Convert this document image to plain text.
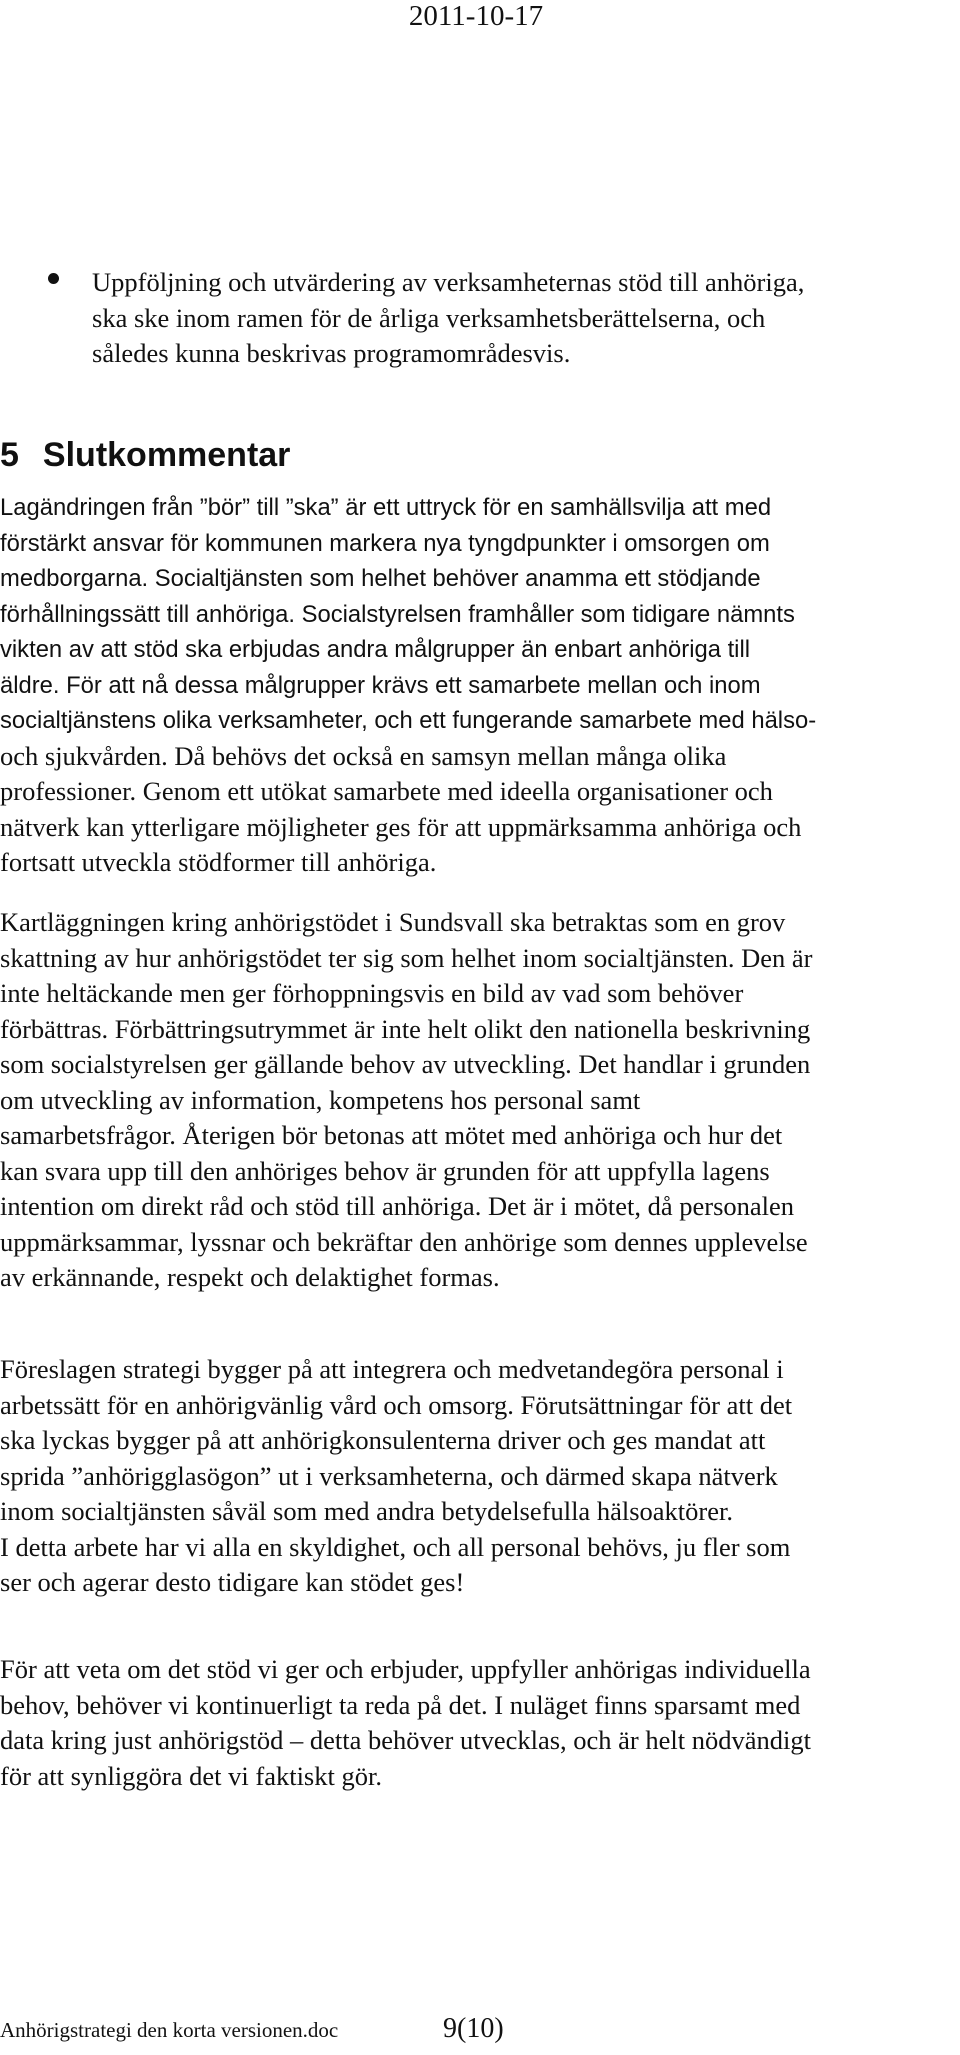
2011-10-17
Uppföljning och utvärdering av verksamheternas stöd till anhöriga,
ska ske inom ramen för de årliga verksamhetsberättelserna, och
således kunna beskrivas programområdesvis.
5 Slutkommentar

Lagändringen från ”bör” till ”ska” är ett uttryck för en samhällsvilja att med
förstärkt ansvar för kommunen markera nya tyngdpunkter i omsorgen om
medborgarna. Socialtjänsten som helhet behöver anamma ett stödjande
förhållningssätt till anhöriga. Socialstyrelsen framhåller som tidigare nämnts
vikten av att stöd ska erbjudas andra målgrupper än enbart anhöriga till
äldre. För att nå dessa målgrupper krävs ett samarbete mellan och inom
socialtjänstens olika verksamheter, och ett fungerande samarbete med hälso-
och sjukvården. Då behövs det också en samsyn mellan många olika
professioner. Genom ett utökat samarbete med ideella organisationer och
nätverk kan ytterligare möjligheter ges för att uppmärksamma anhöriga och
fortsatt utveckla stödformer till anhöriga.

Kartläggningen kring anhörigstödet i Sundsvall ska betraktas som en grov
skattning av hur anhörigstödet ter sig som helhet inom socialtjänsten. Den är
inte heltäckande men ger förhoppningsvis en bild av vad som behöver
förbättras. Förbättringsutrymmet är inte helt olikt den nationella beskrivning
som socialstyrelsen ger gällande behov av utveckling. Det handlar i grunden
om utveckling av information, kompetens hos personal samt
samarbetsfrågor. Återigen bör betonas att mötet med anhöriga och hur det
kan svara upp till den anhöriges behov är grunden för att uppfylla lagens
intention om direkt råd och stöd till anhöriga. Det är i mötet, då personalen
uppmärksammar, lyssnar och bekräftar den anhörige som dennes upplevelse
av erkännande, respekt och delaktighet formas.

Föreslagen strategi bygger på att integrera och medvetandegöra personal i
arbetssätt för en anhörigvänlig vård och omsorg. Förutsättningar för att det
ska lyckas bygger på att anhörigkonsulenterna driver och ges mandat att
sprida ”anhörigglasögon” ut i verksamheterna, och därmed skapa nätverk
inom socialtjänsten såväl som med andra betydelsefulla hälsoaktörer.
I detta arbete har vi alla en skyldighet, och all personal behövs, ju fler som
ser och agerar desto tidigare kan stödet ges!

För att veta om det stöd vi ger och erbjuder, uppfyller anhörigas individuella
behov, behöver vi kontinuerligt ta reda på det. I nuläget finns sparsamt med
data kring just anhörigstöd – detta behöver utvecklas, och är helt nödvändigt
för att synliggöra det vi faktiskt gör.

Anhörigstrategi den korta versionen.doc	9(10)
